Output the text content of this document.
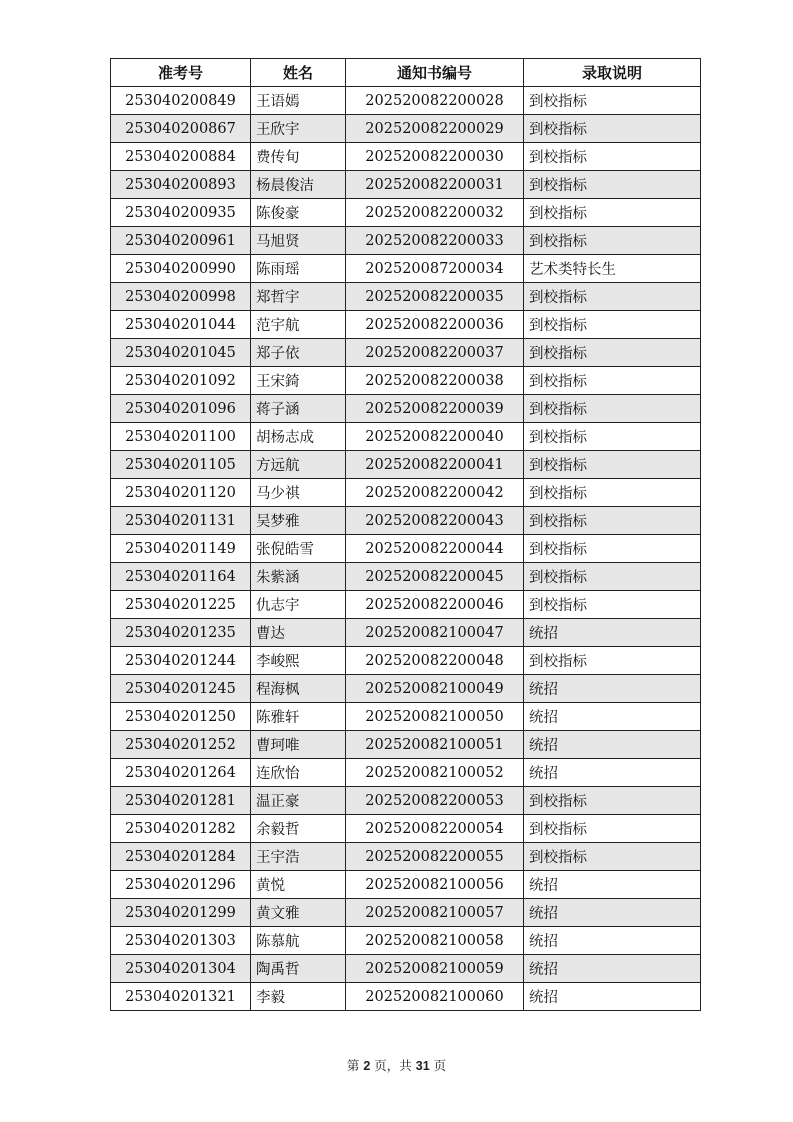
准考号	姓名	通知书编号	录取说明
253040200849	王语嫣	202520082200028	到校指标
253040200867	王欣宇	202520082200029	到校指标
253040200884	费传旬	202520082200030	到校指标
253040200893	杨晨俊洁	202520082200031	到校指标
253040200935	陈俊豪	202520082200032	到校指标
253040200961	马旭贤	202520082200033	到校指标
253040200990	陈雨瑶	202520087200034	艺术类特长生
253040200998	郑哲宇	202520082200035	到校指标
253040201044	范宇航	202520082200036	到校指标
253040201045	郑子依	202520082200037	到校指标
253040201092	王宋錡	202520082200038	到校指标
253040201096	蒋子涵	202520082200039	到校指标
253040201100	胡杨志成	202520082200040	到校指标
253040201105	方远航	202520082200041	到校指标
253040201120	马少祺	202520082200042	到校指标
253040201131	吴梦雅	202520082200043	到校指标
253040201149	张倪皓雪	202520082200044	到校指标
253040201164	朱紫涵	202520082200045	到校指标
253040201225	仇志宇	202520082200046	到校指标
253040201235	曹达	202520082100047	统招
253040201244	李峻熙	202520082200048	到校指标
253040201245	程海枫	202520082100049	统招
253040201250	陈雅轩	202520082100050	统招
253040201252	曹珂唯	202520082100051	统招
253040201264	连欣怡	202520082100052	统招
253040201281	温正豪	202520082200053	到校指标
253040201282	余毅哲	202520082200054	到校指标
253040201284	王宇浩	202520082200055	到校指标
253040201296	黄悦	202520082100056	统招
253040201299	黄文雅	202520082100057	统招
253040201303	陈慕航	202520082100058	统招
253040201304	陶禹哲	202520082100059	统招
253040201321	李毅	202520082100060	统招
第 2 页，共 31 页
